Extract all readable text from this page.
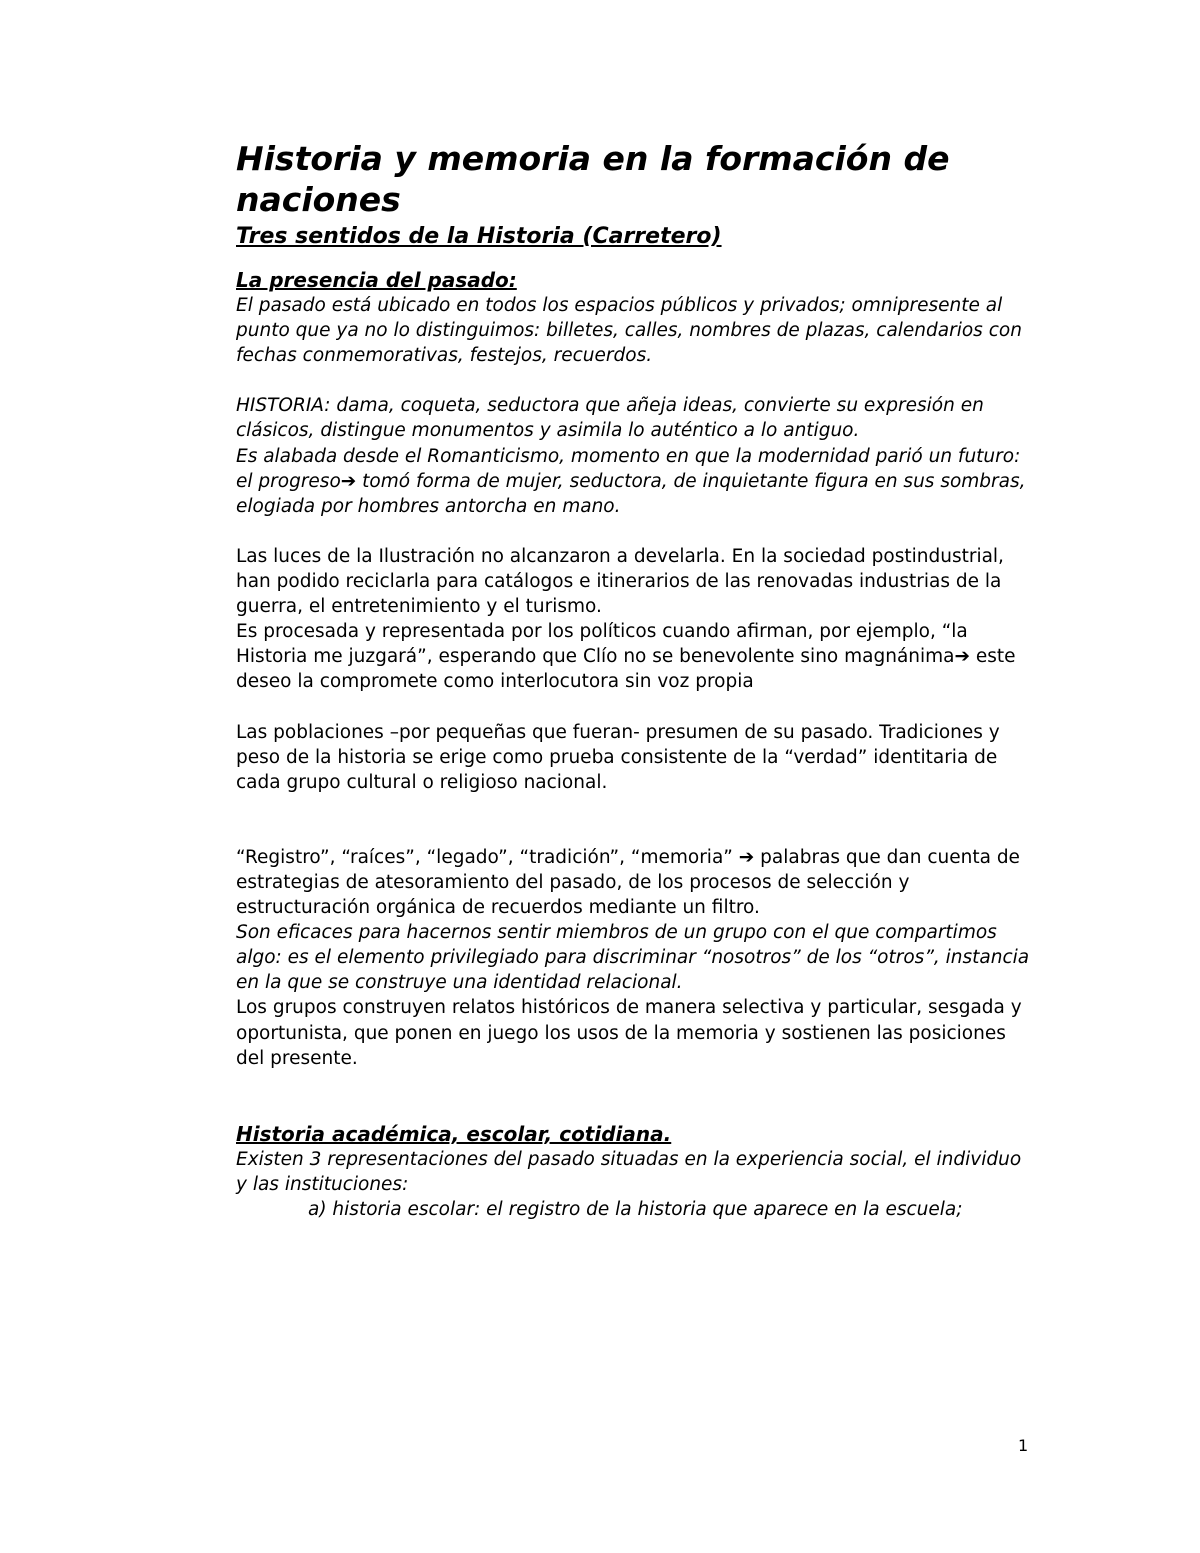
Historia y memoria en la formación de naciones
Tres sentidos de la Historia (Carretero)
La presencia del pasado:

El pasado está ubicado en todos los espacios públicos y privados; omnipresente al punto que ya no lo distinguimos: billetes, calles, nombres de plazas, calendarios con fechas conmemorativas, festejos, recuerdos.

HISTORIA: dama, coqueta, seductora que añeja ideas, convierte su expresión en clásicos, distingue monumentos y asimila lo auténtico a lo antiguo.

Es alabada desde el Romanticismo, momento en que la modernidad parió un futuro: el progreso➔ tomó forma de mujer, seductora, de inquietante figura en sus sombras, elogiada por hombres antorcha en mano.

Las luces de la Ilustración no alcanzaron a develarla. En la sociedad postindustrial, han podido reciclarla para catálogos e itinerarios de las renovadas industrias de la guerra, el entretenimiento y el turismo.

Es procesada y representada por los políticos cuando afirman, por ejemplo, “la Historia me juzgará”, esperando que Clío no se benevolente sino magnánima➔ este deseo la compromete como interlocutora sin voz propia

Las poblaciones –por pequeñas que fueran- presumen de su pasado. Tradiciones y peso de la historia se erige como prueba consistente de la “verdad” identitaria de cada grupo cultural o religioso nacional.

“Registro”, “raíces”, “legado”, “tradición”, “memoria” ➔ palabras que dan cuenta de estrategias de atesoramiento del pasado, de los procesos de selección y estructuración orgánica de recuerdos mediante un filtro.

Son eficaces para hacernos sentir miembros de un grupo con el que compartimos algo: es el elemento privilegiado para discriminar “nosotros” de los “otros”, instancia en la que se construye una identidad relacional.

Los grupos construyen relatos históricos de manera selectiva y particular, sesgada y oportunista, que ponen en juego los usos de la memoria y sostienen las posiciones del presente.

Historia académica, escolar, cotidiana.

Existen 3 representaciones del pasado situadas en la experiencia social, el individuo y las instituciones:

a) historia escolar: el registro de la historia que aparece en la escuela;

1
